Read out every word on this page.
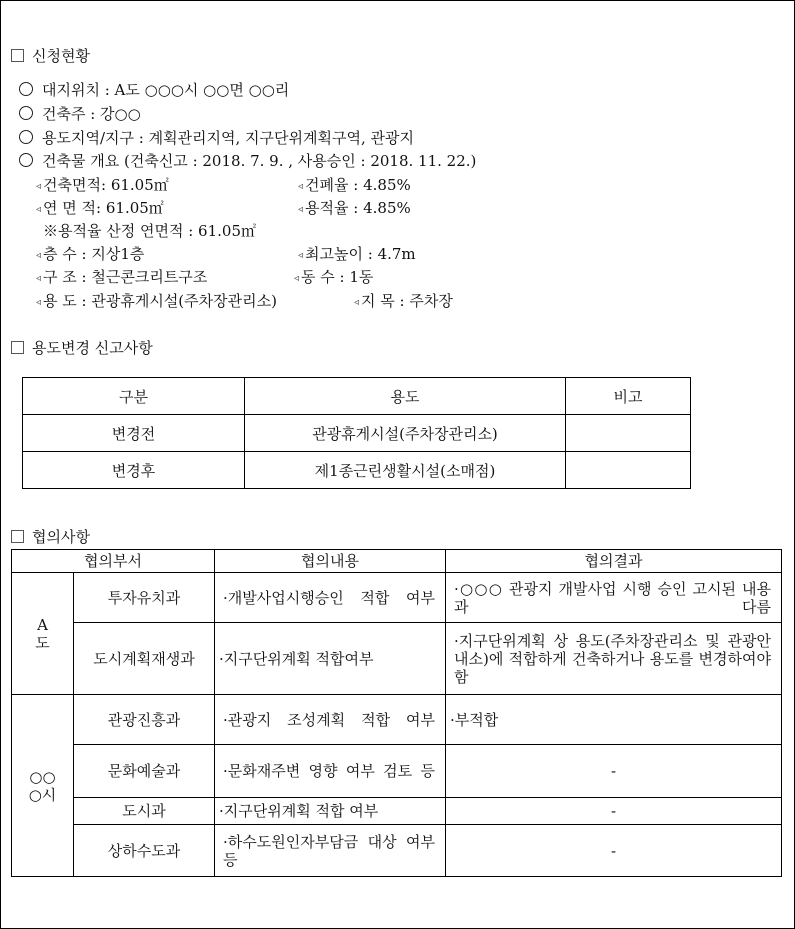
신청현황
대지위치 : A도 ○○○시 ○○면 ○○리
건축주 : 강○○
용도지역/지구 : 계획관리지역, 지구단위계획구역, 관광지
건축물 개요 (건축신고 : 2018. 7. 9. , 사용승인 : 2018. 11. 22.)
◃ 건축면적: 61.05㎡	◃ 건폐율 : 4.85%
◃ 연 면 적: 61.05㎡	◃ 용적율 : 4.85%
※용적율 산정 연면적 : 61.05㎡
◃ 층 수 : 지상1층	◃ 최고높이 : 4.7m
◃ 구 조 : 철근콘크리트구조	◃ 동 수 : 1동
◃ 용 도 : 관광휴게시설(주차장관리소)	◃ 지 목 : 주차장
용도변경 신고사항
구분	용도	비고
변경전	관광휴게시설(주차장관리소)	
변경후	제1종근린생활시설(소매점)	
협의사항
협의부서		협의내용	협의결과
A
도	투자유치과	·개발사업시행승인 적합 여부	·○○○ 관광지 개발사업 시행 승인 고시된 내용과 다름

	도시계획재생과	·지구단위계획 적합여부	·지구단위계획 상 용도(주차장관리소 및 관광안내소)에 적합하게 건축하거나 용도를 변경하여야함

○○
○시	관광진흥과	·관광지 조성계획 적합 여부	·부적합
	문화예술과	·문화재주변 영향 여부 검토 등	-
	도시과	·지구단위계획 적합 여부	-
	상하수도과	·하수도원인자부담금 대상 여부 등	-
